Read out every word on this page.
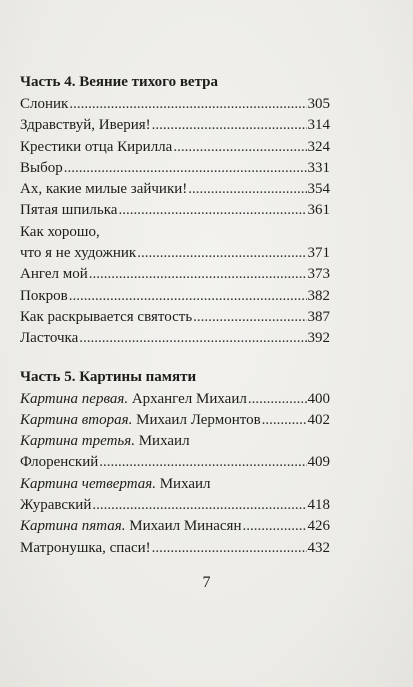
Часть 4. Веяние тихого ветра
Слоник .....	305
Здравствуй, Иверия! .....	314
Крестики отца Кирилла .....	324
Выбор .....	331
Ах, какие милые зайчики! .....	354
Пятая шпилька .....	361
Как хорошо,
что я не художник .....	371
Ангел мой .....	373
Покров .....	382
Как раскрывается святость .....	387
Ласточка .....	392
Часть 5. Картины памяти
Картина первая. Архангел Михаил .....	400
Картина вторая. Михаил Лермонтов .....	402
Картина третья. Михаил
Флоренский .....	409
Картина четвертая. Михаил
Журавский .....	418
Картина пятая. Михаил Минасян .....	426
Матронушка, спаси! .....	432
7
